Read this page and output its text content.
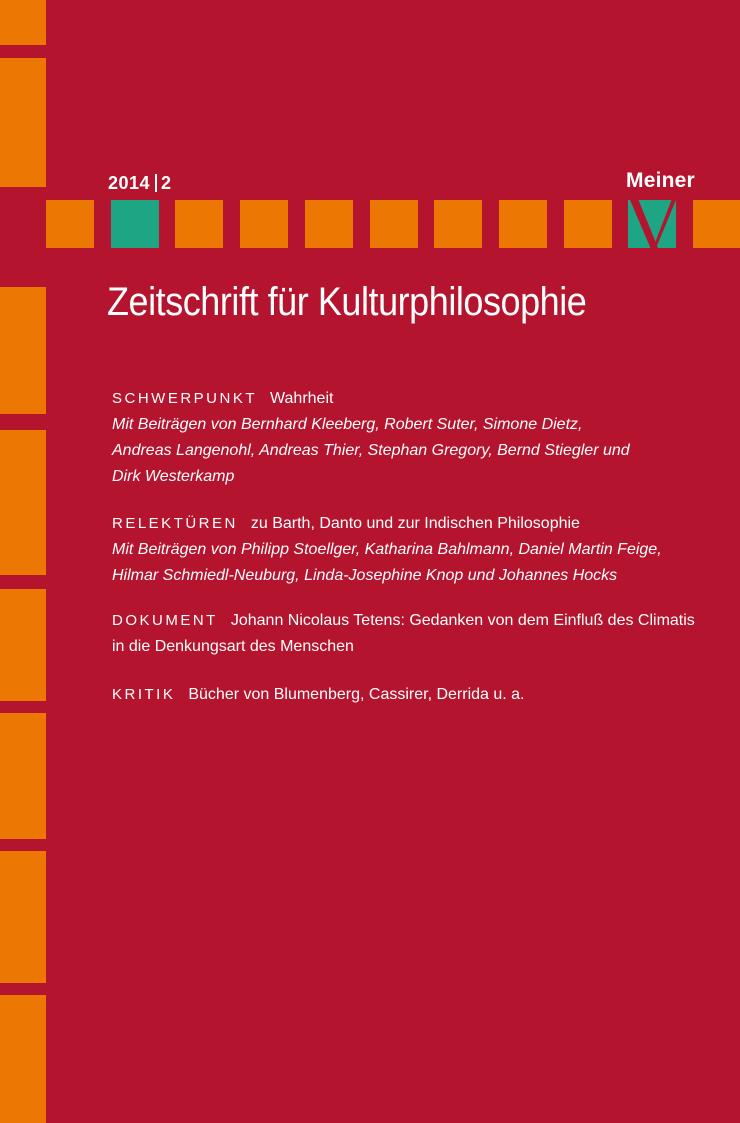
2014 2	Meiner
Zeitschrift für Kulturphilosophie
SCHWERPUNKT Wahrheit
Mit Beiträgen von Bernhard Kleeberg, Robert Suter, Simone Dietz,
Andreas Langenohl, Andreas Thier, Stephan Gregory, Bernd Stiegler und
Dirk Westerkamp
RELEKTÜREN zu Barth, Danto und zur Indischen Philosophie
Mit Beiträgen von Philipp Stoellger, Katharina Bahlmann, Daniel Martin Feige,
Hilmar Schmiedl-Neuburg, Linda-Josephine Knop und Johannes Hocks
DOKUMENT Johann Nicolaus Tetens: Gedanken von dem Einfluß des Climatis
in die Denkungsart des Menschen
KRITIK Bücher von Blumenberg, Cassirer, Derrida u. a.
